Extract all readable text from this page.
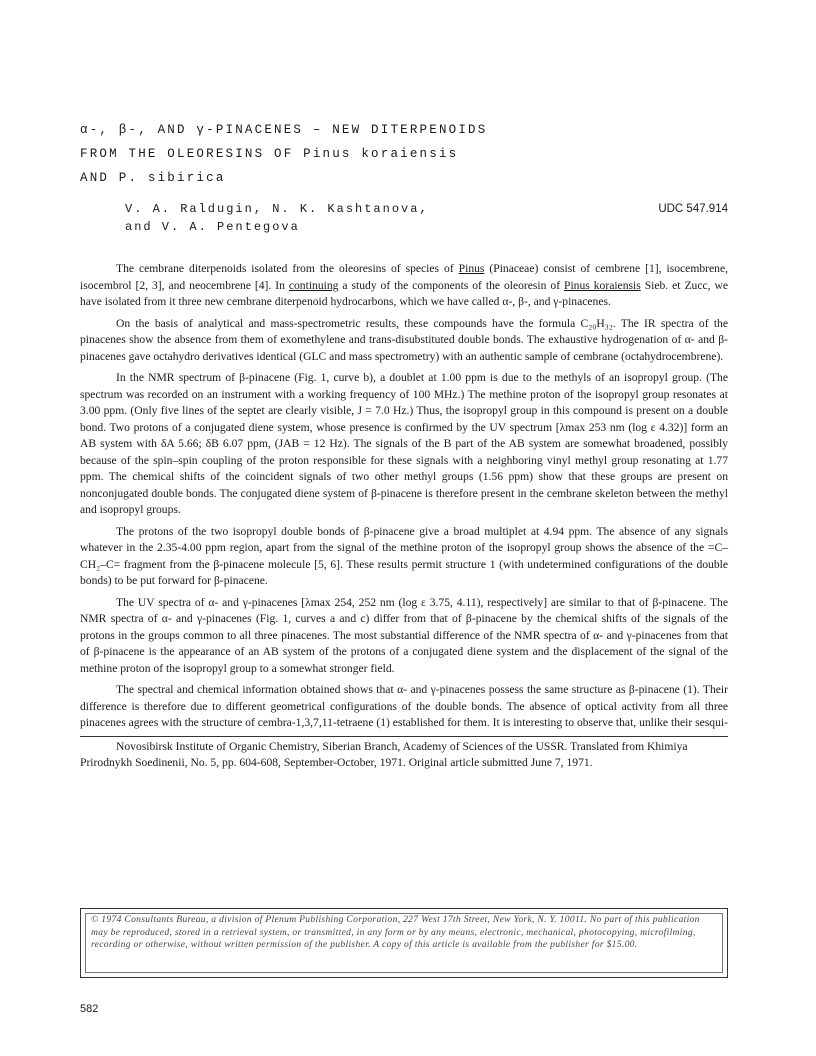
α-, β-, AND γ-PINACENES – NEW DITERPENOIDS
FROM THE OLEORESINS OF Pinus koraiensis
AND P. sibirica
V. A. Raldugin, N. K. Kashtanova,
and V. A. Pentegova
UDC 547.914

The cembrane diterpenoids isolated from the oleoresins of species of Pinus (Pinaceae) consist of cembrene [1], isocembrene, isocembrol [2, 3], and neocembrene [4]. In continuing a study of the components of the oleoresin of Pinus koraiensis Sieb. et Zucc, we have isolated from it three new cembrane diterpenoid hydrocarbons, which we have called α-, β-, and γ-pinacenes.

On the basis of analytical and mass-spectrometric results, these compounds have the formula C₂₀H₃₂. The IR spectra of the pinacenes show the absence from them of exomethylene and trans-disubstituted double bonds. The exhaustive hydrogenation of α- and β-pinacenes gave octahydro derivatives identical (GLC and mass spectrometry) with an authentic sample of cembrane (octahydrocembrene).

In the NMR spectrum of β-pinacene (Fig. 1, curve b), a doublet at 1.00 ppm is due to the methyls of an isopropyl group. (The spectrum was recorded on an instrument with a working frequency of 100 MHz.) The methine proton of the isopropyl group resonates at 3.00 ppm. (Only five lines of the septet are clearly visible, J = 7.0 Hz.) Thus, the isopropyl group in this compound is present on a double bond. Two protons of a conjugated diene system, whose presence is confirmed by the UV spectrum [λmax 253 nm (log ε 4.32)] form an AB system with δA 5.66; δB 6.07 ppm, (JAB = 12 Hz). The signals of the B part of the AB system are somewhat broadened, possibly because of the spin–spin coupling of the proton responsible for these signals with a neighboring vinyl methyl group resonating at 1.77 ppm. The chemical shifts of the coincident signals of two other methyl groups (1.56 ppm) show that these groups are present on nonconjugated double bonds. The conjugated diene system of β-pinacene is therefore present in the cembrane skeleton between the methyl and isopropyl groups.

The protons of the two isopropyl double bonds of β-pinacene give a broad multiplet at 4.94 ppm. The absence of any signals whatever in the 2.35-4.00 ppm region, apart from the signal of the methine proton of the isopropyl group shows the absence of the =C–CH₂–C= fragment from the β-pinacene molecule [5, 6]. These results permit structure 1 (with undetermined configurations of the double bonds) to be put forward for β-pinacene.

The UV spectra of α- and γ-pinacenes [λmax 254, 252 nm (log ε 3.75, 4.11), respectively] are similar to that of β-pinacene. The NMR spectra of α- and γ-pinacenes (Fig. 1, curves a and c) differ from that of β-pinacene by the chemical shifts of the signals of the protons in the groups common to all three pinacenes. The most substantial difference of the NMR spectra of α- and γ-pinacenes from that of β-pinacene is the appearance of an AB system of the protons of a conjugated diene system and the displacement of the signal of the methine proton of the isopropyl group to a somewhat stronger field.

The spectral and chemical information obtained shows that α- and γ-pinacenes possess the same structure as β-pinacene (1). Their difference is therefore due to different geometrical configurations of the double bonds. The absence of optical activity from all three pinacenes agrees with the structure of cembra-1,3,7,11-tetraene (1) established for them. It is interesting to observe that, unlike their sesqui-

Novosibirsk Institute of Organic Chemistry, Siberian Branch, Academy of Sciences of the USSR. Translated from Khimiya Prirodnykh Soedinenii, No. 5, pp. 604-608, September-October, 1971. Original article submitted June 7, 1971.
© 1974 Consultants Bureau, a division of Plenum Publishing Corporation, 227 West 17th Street, New York, N. Y. 10011. No part of this publication may be reproduced, stored in a retrieval system, or transmitted, in any form or by any means, electronic, mechanical, photocopying, microfilming, recording or otherwise, without written permission of the publisher. A copy of this article is available from the publisher for $15.00.
582
